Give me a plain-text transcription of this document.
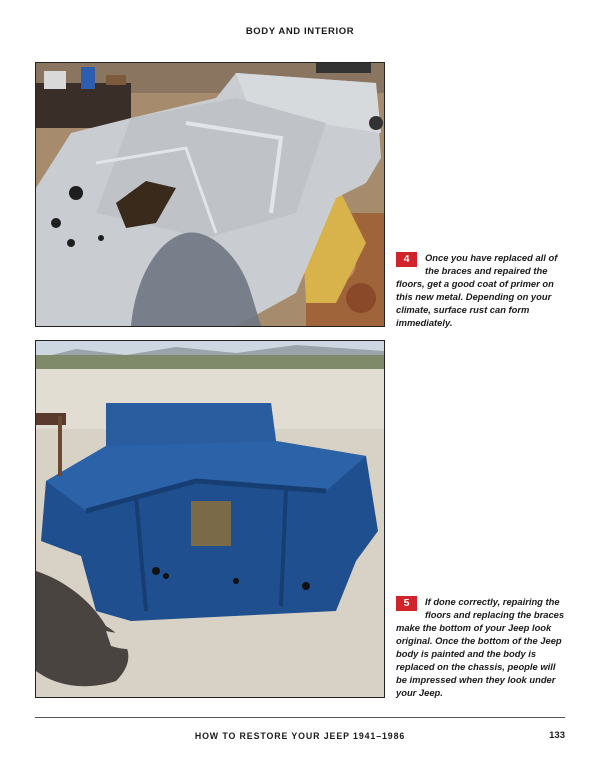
BODY AND INTERIOR
4	Once you have replaced all of the braces and repaired the floors, get a good coat of primer on this new metal. Depending on your climate, surface rust can form immediately.
5	If done correctly, repairing the floors and replacing the braces make the bottom of your Jeep look original. Once the bottom of the Jeep body is painted and the body is replaced on the chassis, people will be impressed when they look under your Jeep.
HOW TO RESTORE YOUR JEEP 1941–1986	133
